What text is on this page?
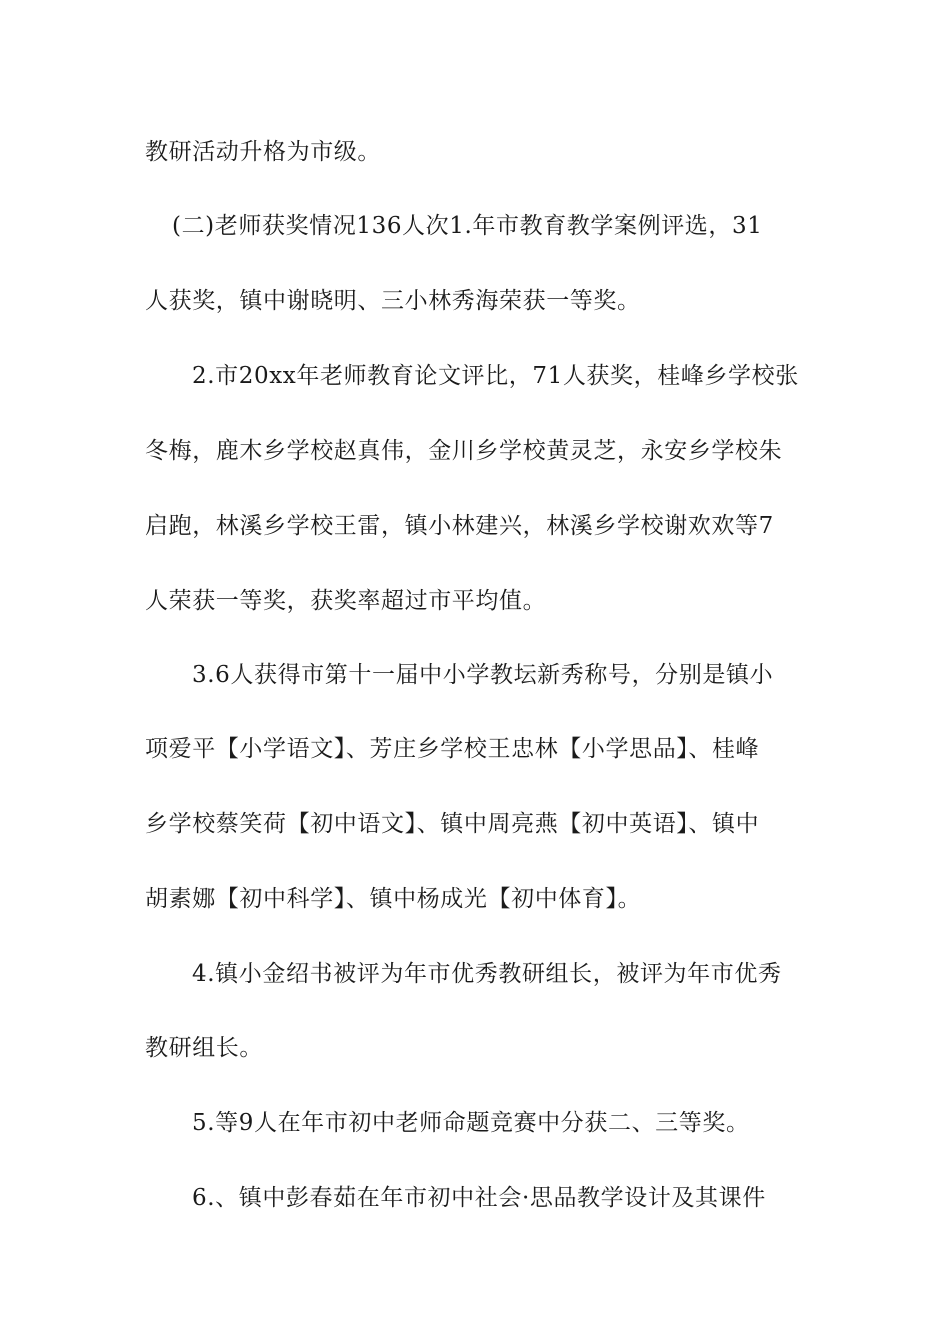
教研活动升格为市级。
(二)老师获奖情况136人次1.年市教育教学案例评选，31
人获奖，镇中谢晓明、三小林秀海荣获一等奖。
2.市20xx年老师教育论文评比，71人获奖，桂峰乡学校张
冬梅，鹿木乡学校赵真伟，金川乡学校黄灵芝，永安乡学校朱
启跑，林溪乡学校王雷，镇小林建兴，林溪乡学校谢欢欢等7
人荣获一等奖，获奖率超过市平均值。
3.6人获得市第十一届中小学教坛新秀称号，分别是镇小
项爱平【小学语文】、芳庄乡学校王忠林【小学思品】、桂峰
乡学校蔡笑荷【初中语文】、镇中周亮燕【初中英语】、镇中
胡素娜【初中科学】、镇中杨成光【初中体育】。
4.镇小金绍书被评为年市优秀教研组长，被评为年市优秀
教研组长。
5.等9人在年市初中老师命题竞赛中分获二、三等奖。
6.、镇中彭春茹在年市初中社会·思品教学设计及其课件
